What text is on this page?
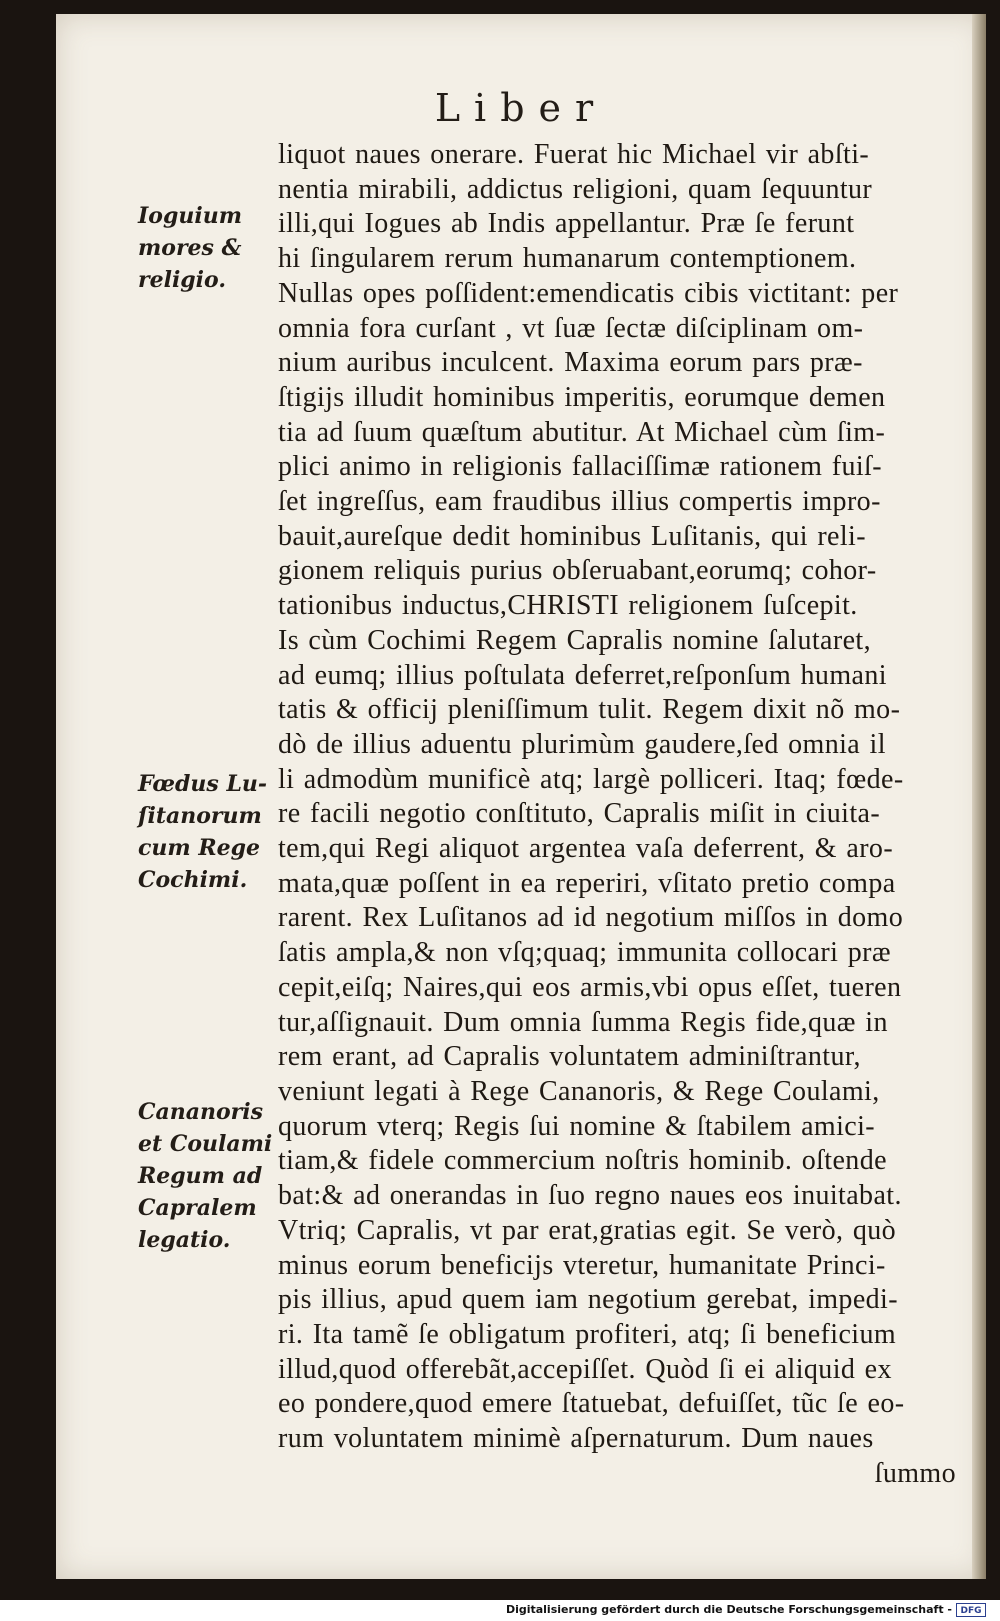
Liber
Ioguium
mores &
religio.
Fœdus Lu-
ſitanorum
cum Rege
Cochimi.
Cananoris
et Coulami
Regum ad
Capralem
legatio.
liquot naues onerare. Fuerat hic Michael vir abſti-
nentia mirabili, addictus religioni, quam ſequuntur
illi,qui Iogues ab Indis appellantur. Præ ſe ferunt
hi ſingularem rerum humanarum contemptionem.
Nullas opes poſſident:emendicatis cibis victitant: per
omnia fora curſant , vt ſuæ ſectæ diſciplinam om-
nium auribus inculcent. Maxima eorum pars præ-
ſtigijs illudit hominibus imperitis, eorumque demen
tia ad ſuum quæſtum abutitur. At Michael cùm ſim-
plici animo in religionis fallaciſſimæ rationem fuiſ-
ſet ingreſſus, eam fraudibus illius compertis impro-
bauit,aureſque dedit hominibus Luſitanis, qui reli-
gionem reliquis purius obſeruabant,eorumq; cohor-
tationibus inductus,CHRISTI religionem ſuſcepit.
Is cùm Cochimi Regem Capralis nomine ſalutaret,
ad eumq; illius poſtulata deferret,reſponſum humani
tatis & officij pleniſſimum tulit. Regem dixit nõ mo-
dò de illius aduentu plurimùm gaudere,ſed omnia il
li admodùm munificè atq; largè polliceri. Itaq; fœde-
re facili negotio conſtituto, Capralis miſit in ciuita-
tem,qui Regi aliquot argentea vaſa deferrent, & aro-
mata,quæ poſſent in ea reperiri, vſitato pretio compa
rarent. Rex Luſitanos ad id negotium miſſos in domo
ſatis ampla,& non vſq;quaq; immunita collocari præ
cepit,eiſq; Naires,qui eos armis,vbi opus eſſet, tueren
tur,aſſignauit. Dum omnia ſumma Regis fide,quæ in
rem erant, ad Capralis voluntatem adminiſtrantur,
veniunt legati à Rege Cananoris, & Rege Coulami,
quorum vterq; Regis ſui nomine & ſtabilem amici-
tiam,& fidele commercium noſtris hominib. oſtende
bat:& ad onerandas in ſuo regno naues eos inuitabat.
Vtriq; Capralis, vt par erat,gratias egit. Se verò, quò
minus eorum beneficijs vteretur, humanitate Princi-
pis illius, apud quem iam negotium gerebat, impedi-
ri. Ita tamẽ ſe obligatum profiteri, atq; ſi beneficium
illud,quod offerebãt,accepiſſet. Quòd ſi ei aliquid ex
eo pondere,quod emere ſtatuebat, defuiſſet, tũc ſe eo-
rum voluntatem minimè aſpernaturum. Dum naues
ſummo
Digitalisierung gefördert durch die Deutsche Forschungsgemeinschaft - DFG
